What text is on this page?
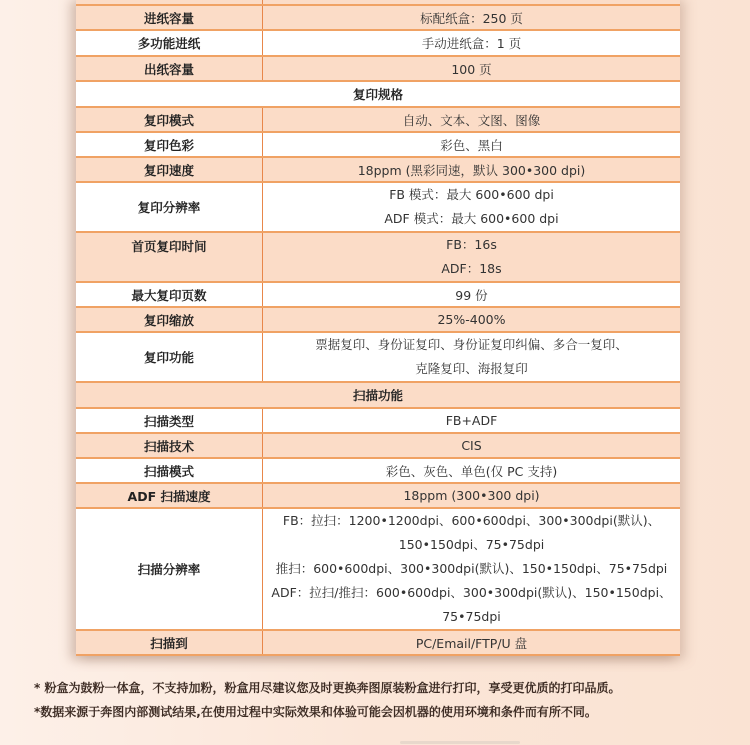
进纸容量	标配纸盒：250 页
多功能进纸	手动进纸盒：1 页
出纸容量	100 页
复印规格	
复印模式	自动、文本、文图、图像
复印色彩	彩色、黑白
复印速度	18ppm (黑彩同速，默认 300•300 dpi)
复印分辨率	FB 模式：最大 600•600 dpi
ADF 模式：最大 600•600 dpi

首页复印时间	FB：16s
ADF：18s

最大复印页数	99 份
复印缩放	25%-400%
复印功能	票据复印、身份证复印、身份证复印纠偏、多合一复印、
克隆复印、海报复印

扫描功能	
扫描类型	FB+ADF
扫描技术	CIS
扫描模式	彩色、灰色、单色(仅 PC 支持)
ADF 扫描速度	18ppm (300•300 dpi)
扫描分辨率	FB：拉扫：1200•1200dpi、600•600dpi、300•300dpi(默认)、
150•150dpi、75•75dpi
推扫：600•600dpi、300•300dpi(默认)、150•150dpi、75•75dpi
ADF：拉扫/推扫：600•600dpi、300•300dpi(默认)、150•150dpi、
75•75dpi

扫描到	PC/Email/FTP/U 盘
* 粉盒为鼓粉一体盒，不支持加粉，粉盒用尽建议您及时更换奔图原装粉盒进行打印，享受更优质的打印品质。
*数据来源于奔图内部测试结果,在使用过程中实际效果和体验可能会因机器的使用环境和条件而有所不同。
